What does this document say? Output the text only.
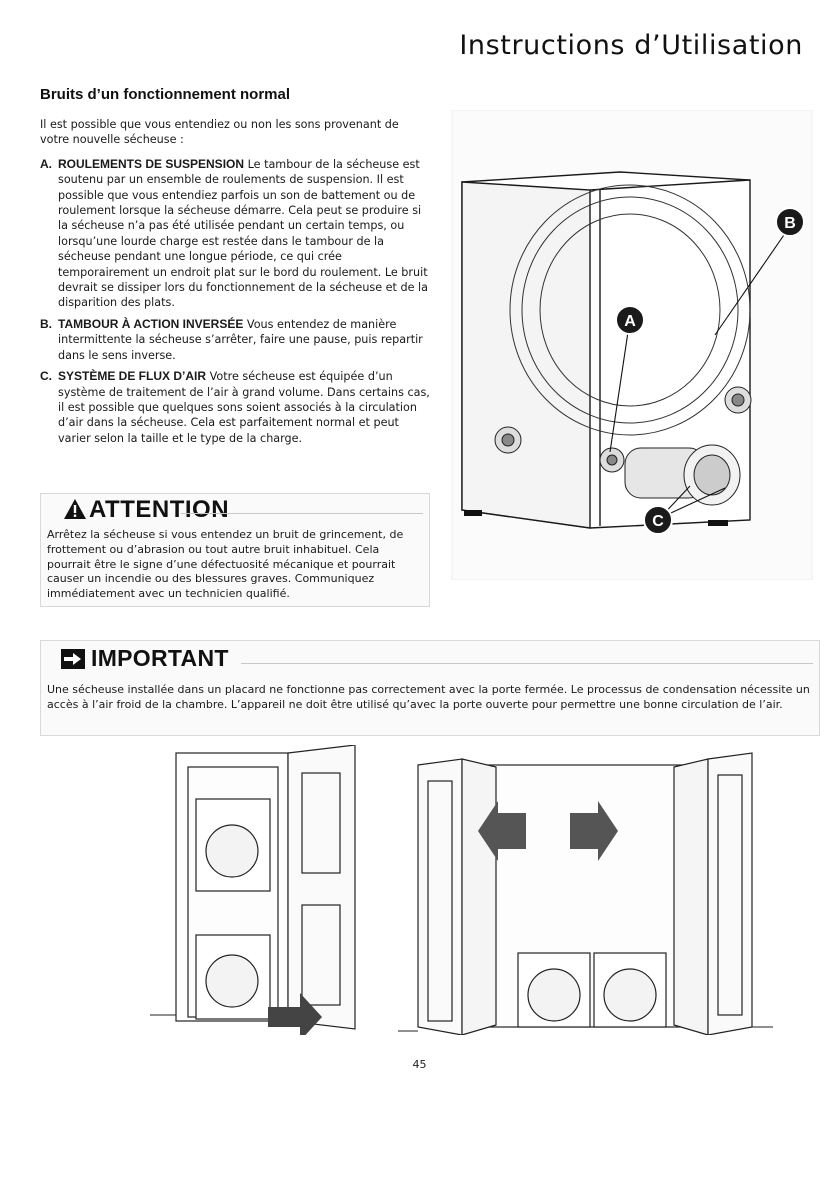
Instructions d’Utilisation
Bruits d’un fonctionnement normal
Il est possible que vous entendiez ou non les sons provenant de votre nouvelle sécheuse :
A. ROULEMENTS DE SUSPENSION Le tambour de la sécheuse est soutenu par un ensemble de roulements de suspension. Il est possible que vous entendiez parfois un son de battement ou de roulement lorsque la sécheuse démarre. Cela peut se produire si la sécheuse n’a pas été utilisée pendant un certain temps, ou lorsqu’une lourde charge est restée dans le tambour de la sécheuse pendant une longue période, ce qui crée temporairement un endroit plat sur le bord du roulement. Le bruit devrait se dissiper lors du fonctionnement de la sécheuse et de la disparition des plats.
B. TAMBOUR À ACTION INVERSÉE Vous entendez de manière intermittente la sécheuse s’arrêter, faire une pause, puis repartir dans le sens inverse.
C. SYSTÈME DE FLUX D’AIR Votre sécheuse est équipée d’un système de traitement de l’air à grand volume. Dans certains cas, il est possible que quelques sons soient associés à la circulation d’air dans la sécheuse. Cela est parfaitement normal et peut varier selon la taille et le type de la charge.
ATTENTION
Arrêtez la sécheuse si vous entendez un bruit de grincement, de frottement ou d’abrasion ou tout autre bruit inhabituel. Cela pourrait être le signe d’une défectuosité mécanique et pourrait causer un incendie ou des blessures graves. Communiquez immédiatement avec un technicien qualifié.
A
B
C
IMPORTANT
Une sécheuse installée dans un placard ne fonctionne pas correctement avec la porte fermée. Le processus de condensation nécessite un accès à l’air froid de la chambre. L’appareil ne doit être utilisé qu’avec la porte ouverte pour permettre une bonne circulation de l’air.
45
